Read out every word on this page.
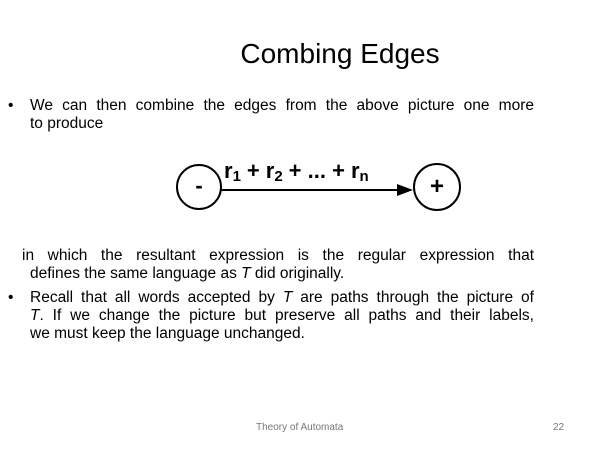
Combing Edges
• We can then combine the edges from the above picture one more
to produce
-	+
r1 + r2 + ... + rn
in which the resultant expression is the regular expression that
defines the same language as T did originally.
• Recall that all words accepted by T are paths through the picture of
T. If we change the picture but preserve all paths and their labels,
we must keep the language unchanged.
Theory of Automata	22
